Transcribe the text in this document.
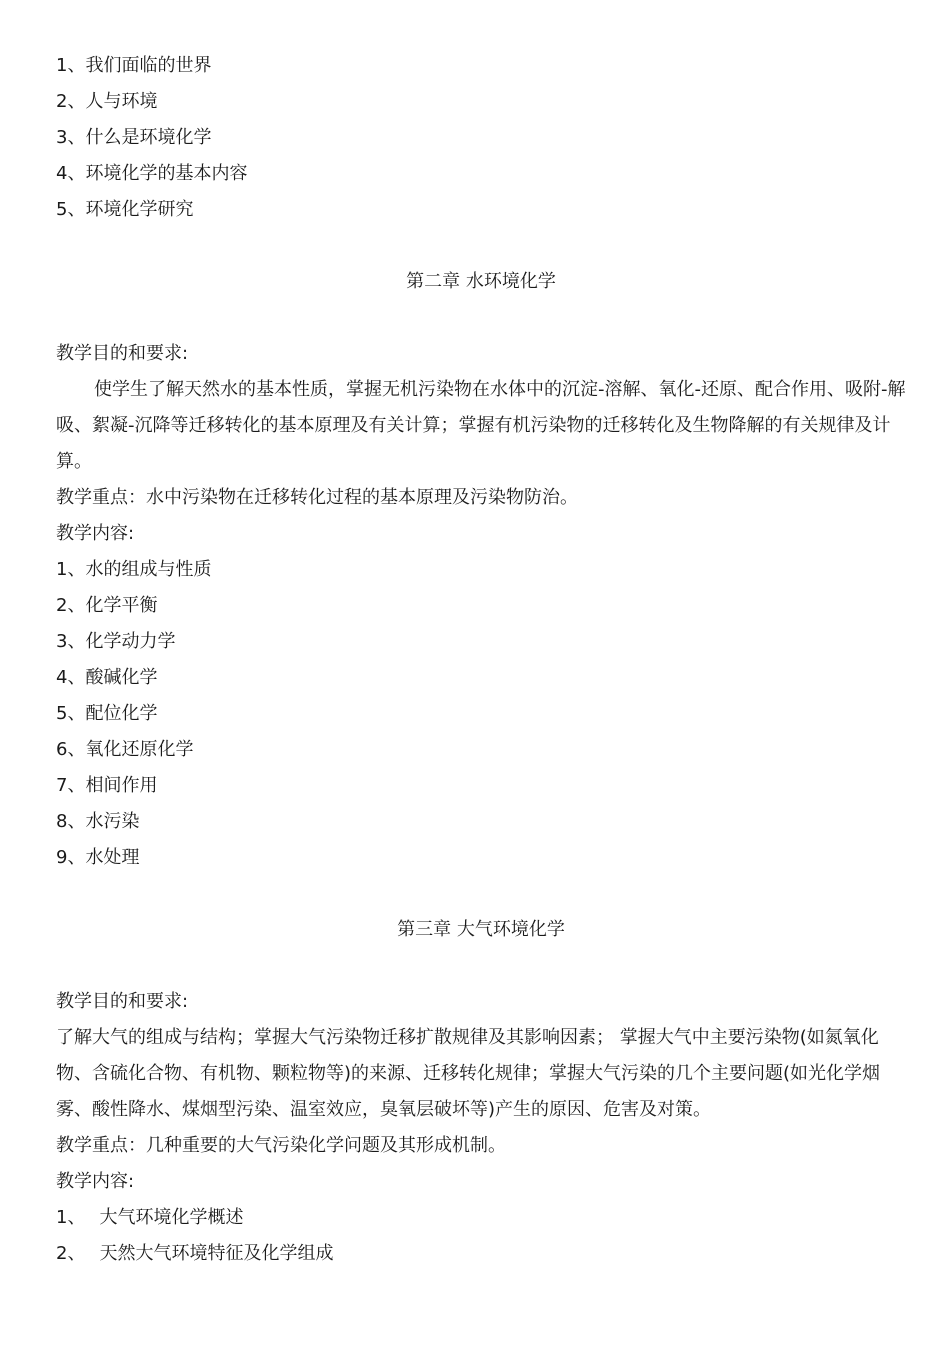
1、我们面临的世界
2、人与环境
3、什么是环境化学
4、环境化学的基本内容
5、环境化学研究
第二章 水环境化学
教学目的和要求:

使学生了解天然水的基本性质，掌握无机污染物在水体中的沉淀-溶解、氧化-还原、配合作用、吸附-解吸、絮凝-沉降等迁移转化的基本原理及有关计算；掌握有机污染物的迁移转化及生物降解的有关规律及计算。

教学重点：水中污染物在迁移转化过程的基本原理及污染物防治。
教学内容:
1、水的组成与性质
2、化学平衡
3、化学动力学
4、酸碱化学
5、配位化学
6、氧化还原化学
7、相间作用
8、水污染
9、水处理
第三章 大气环境化学
教学目的和要求:

了解大气的组成与结构；掌握大气污染物迁移扩散规律及其影响因素； 掌握大气中主要污染物(如氮氧化物、含硫化合物、有机物、颗粒物等)的来源、迁移转化规律；掌握大气污染的几个主要问题(如光化学烟雾、酸性降水、煤烟型污染、温室效应，臭氧层破坏等)产生的原因、危害及对策。

教学重点：几种重要的大气污染化学问题及其形成机制。
教学内容:
1、 大气环境化学概述
2、 天然大气环境特征及化学组成
